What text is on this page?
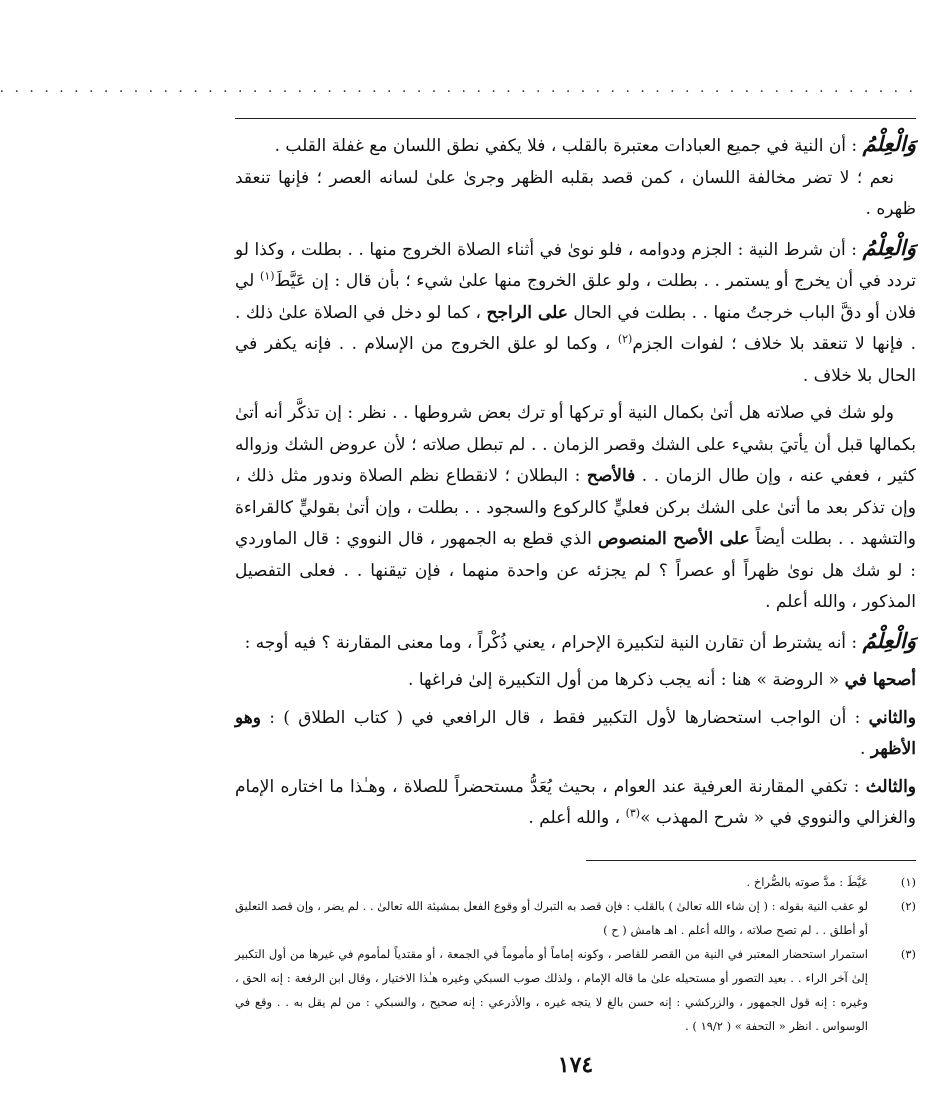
. . . . . . . . . . . . . . . . . . . . . . . . . . . . . . . . . . . . . . . . . . . . . . . . . . . . . . . . . . . . . .

وَالْعِلْمُ : أن النية في جميع العبادات معتبرة بالقلب ، فلا يكفي نطق اللسان مع غفلة القلب .

نعم ؛ لا تضر مخالفة اللسان ، كمن قصد بقلبه الظهر وجرىٰ علىٰ لسانه العصر ؛ فإنها تنعقد ظهره .

وَالْعِلْمُ : أن شرط النية : الجزم ودوامه ، فلو نوىٰ في أثناء الصلاة الخروج منها . . بطلت ، وكذا لو تردد في أن يخرج أو يستمر . . بطلت ، ولو علق الخروج منها علىٰ شيء ؛ بأن قال : إن عَيَّطَ$^{(١)}$ لي فلان أو دقَّ الباب خرجتُ منها . . بطلت في الحال على الراجح ، كما لو دخل في الصلاة علىٰ ذلك . . فإنها لا تنعقد بلا خلاف ؛ لفوات الجزم$^{(٢)}$ ، وكما لو علق الخروج من الإسلام . . فإنه يكفر في الحال بلا خلاف .

ولو شك في صلاته هل أتىٰ بكمال النية أو تركها أو ترك بعض شروطها . . نظر : إن تذكَّر أنه أتىٰ بكمالها قبل أن يأتيَ بشيء على الشك وقصر الزمان . . لم تبطل صلاته ؛ لأن عروض الشك وزواله كثير ، فعفي عنه ، وإن طال الزمان . . فالأصح : البطلان ؛ لانقطاع نظم الصلاة وندور مثل ذلك ، وإن تذكر بعد ما أتىٰ على الشك بركن فعليٍّ كالركوع والسجود . . بطلت ، وإن أتىٰ بقوليٍّ كالقراءة والتشهد . . بطلت أيضاً على الأصح المنصوص الذي قطع به الجمهور ، قال النووي : قال الماوردي : لو شك هل نوىٰ ظهراً أو عصراً ؟ لم يجزئه عن واحدة منهما ، فإن تيقنها . . فعلى التفصيل المذكور ، والله أعلم .

وَالْعِلْمُ : أنه يشترط أن تقارن النية لتكبيرة الإحرام ، يعني ذُكْراً ، وما معنى المقارنة ؟ فيه أوجه :

أصحها في « الروضة » هنا : أنه يجب ذكرها من أول التكبيرة إلىٰ فراغها .

والثاني : أن الواجب استحضارها لأول التكبير فقط ، قال الرافعي في ( كتاب الطلاق ) : وهو الأظهر .

والثالث : تكفي المقارنة العرفية عند العوام ، بحيث يُعَدُّ مستحضراً للصلاة ، وهـٰذا ما اختاره الإمام والغزالي والنووي في « شرح المهذب »$^{(٣)}$ ، والله أعلم .

(١)
عَيَّطَ : مدَّ صوته بالصُّراخ .
(٢)
لو عقب النية بقوله : ( إن شاء الله تعالىٰ ) بالقلب : فإن قصد به التبرك أو وقوع الفعل بمشيئة الله تعالىٰ . . لم يضر ، وإن قصد التعليق أو أطلق . . لم تصح صلاته ، والله أعلم . اهـ هامش ( ح )
(٣)
استمرار استحضار المعتبر في النية من القصر للقاصر ، وكونه إماماً أو مأموماً في الجمعة ، أو مقتدياً لمأموم في غيرها من أول التكبير إلىٰ آخر الراء . . بعيد التصور أو مستحيله علىٰ ما قاله الإمام ، ولذلك صوب السبكي وغيره هـٰذا الاختيار ، وقال ابن الرفعة : إنه الحق ، وغيره : إنه قول الجمهور ، والزركشي : إنه حسن بالغ لا يتجه غيره ، والأذرعي : إنه صحيح ، والسبكي : من لم يقل به . . وقع في الوسواس . انظر « التحفة » ( ١٩/٢ ) .
١٧٤
